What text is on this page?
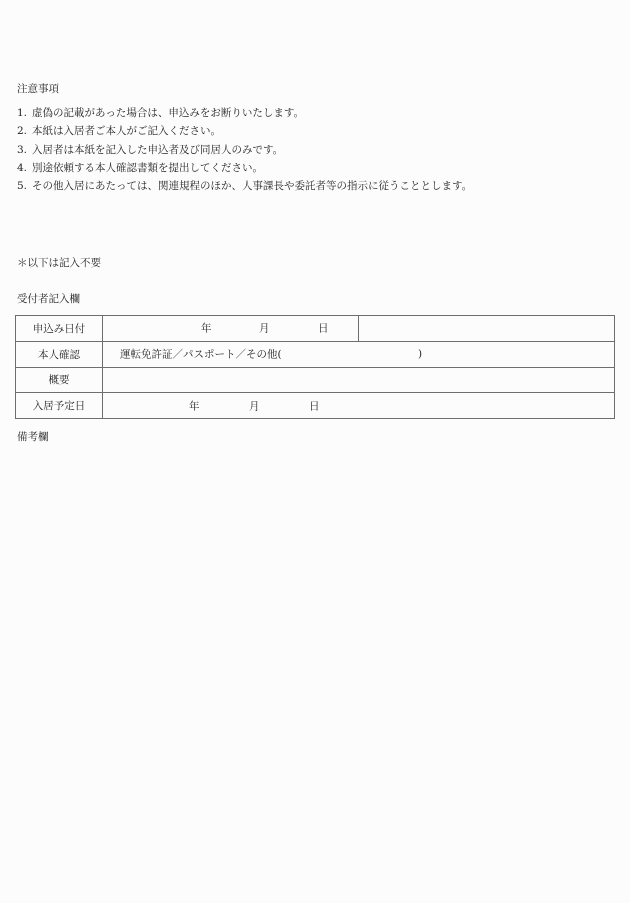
注意事項
1. 虚偽の記載があった場合は、申込みをお断りいたします。
2. 本紙は入居者ご本人がご記入ください。
3. 入居者は本紙を記入した申込者及び同居人のみです。
4. 別途依頼する本人確認書類を提出してください。
5. その他入居にあたっては、関連規程のほか、人事課長や委託者等の指示に従うこととします。
＊以下は記入不要
受付者記入欄
申込み日付	年 月 日	

本人確認	運転免許証／パスポート／その他( )	

概要		
入居予定日	年 月 日	
備考欄
